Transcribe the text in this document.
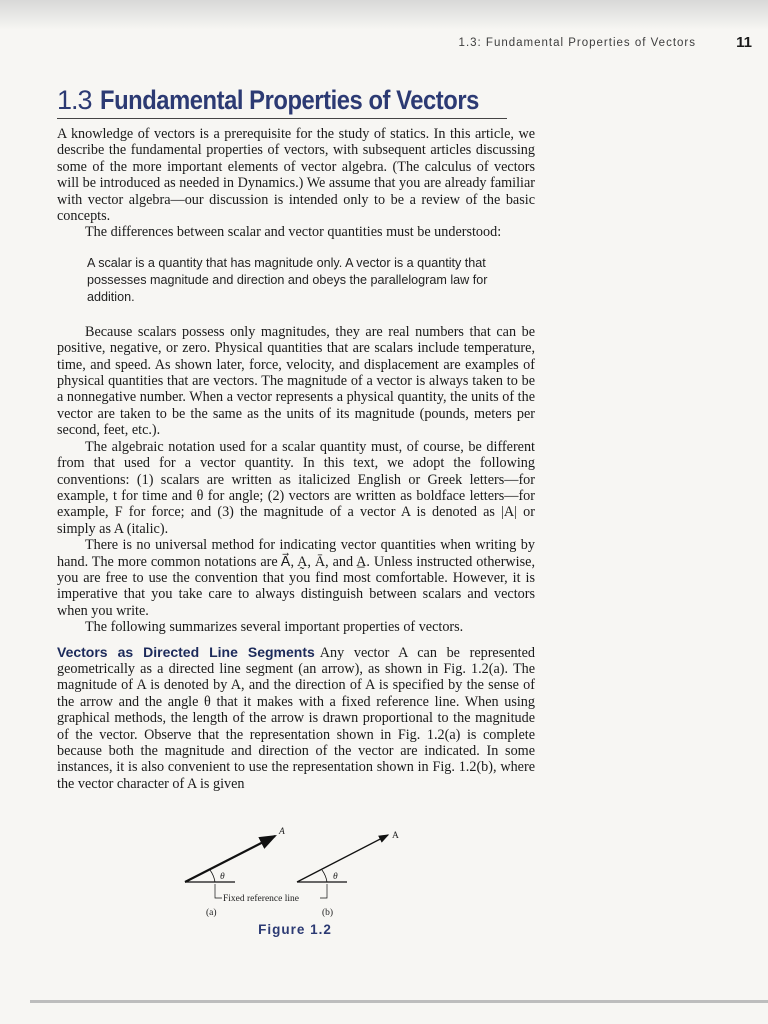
1.3: Fundamental Properties of Vectors	11
1.3 Fundamental Properties of Vectors

A knowledge of vectors is a prerequisite for the study of statics. In this article, we describe the fundamental properties of vectors, with subsequent articles discussing some of the more important elements of vector algebra. (The calculus of vectors will be introduced as needed in Dynamics.) We assume that you are already familiar with vector algebra—our discussion is intended only to be a review of the basic concepts.

The differences between scalar and vector quantities must be understood:

A scalar is a quantity that has magnitude only. A vector is a quantity that possesses magnitude and direction and obeys the parallelogram law for addition.

Because scalars possess only magnitudes, they are real numbers that can be positive, negative, or zero. Physical quantities that are scalars include temperature, time, and speed. As shown later, force, velocity, and displacement are examples of physical quantities that are vectors. The magnitude of a vector is always taken to be a nonnegative number. When a vector represents a physical quantity, the units of the vector are taken to be the same as the units of its magnitude (pounds, meters per second, feet, etc.).

The algebraic notation used for a scalar quantity must, of course, be different from that used for a vector quantity. In this text, we adopt the following conventions: (1) scalars are written as italicized English or Greek letters—for example, t for time and θ for angle; (2) vectors are written as boldface letters—for example, F for force; and (3) the magnitude of a vector A is denoted as |A| or simply as A (italic).

There is no universal method for indicating vector quantities when writing by hand. The more common notations are A⃗, A̰, Ā, and A̲. Unless instructed otherwise, you are free to use the convention that you find most comfortable. However, it is imperative that you take care to always distinguish between scalars and vectors when you write.

The following summarizes several important properties of vectors.

Vectors as Directed Line Segments Any vector A can be represented geometrically as a directed line segment (an arrow), as shown in Fig. 1.2(a). The magnitude of A is denoted by A, and the direction of A is specified by the sense of the arrow and the angle θ that it makes with a fixed reference line. When using graphical methods, the length of the arrow is drawn proportional to the magnitude of the vector. Observe that the representation shown in Fig. 1.2(a) is complete because both the magnitude and direction of the vector are indicated. In some instances, it is also convenient to use the representation shown in Fig. 1.2(b), where the vector character of A is given

A
θ
A
θ
Fixed reference line
(a)	(b)
Figure 1.2
